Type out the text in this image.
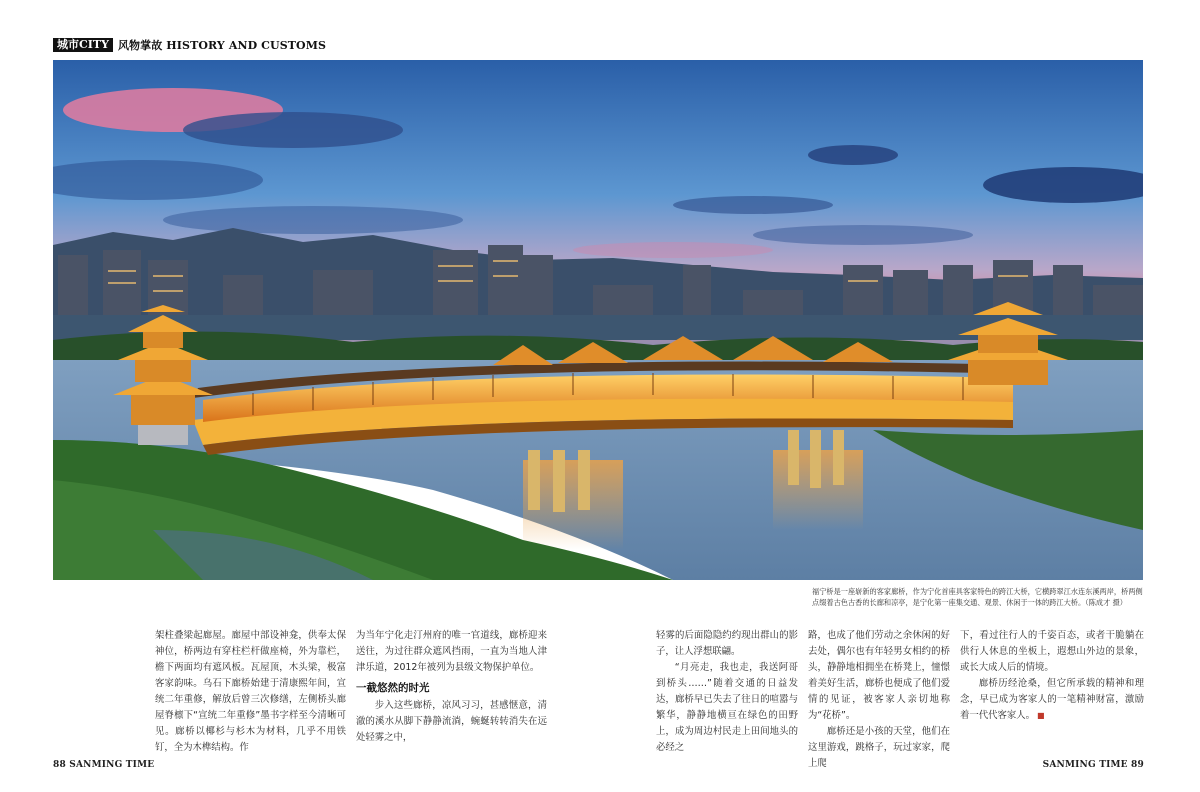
城市CITY 风物掌故 HISTORY AND CUSTOMS
福宁桥是一座崭新的客家廊桥，作为宁化首座具客家特色的跨江大桥，它横跨翠江水连东溪两岸，桥两侧点缀着古色古香的长廊和凉亭，是宁化第一座集交通、观景、休闲于一体的跨江大桥。（陈成才 摄）

架柱叠梁起廊屋。廊屋中部设神龛，供奉太保神位，桥两边有穿柱栏杆做座椅，外为靠栏，檐下两面均有遮风板。瓦屋顶，木头梁，极富客家韵味。乌石下廊桥始建于清康熙年间，宣统二年重修，解放后曾三次修缮，左侧桥头廊屋脊檩下“宣统二年重修”墨书字样至今清晰可见。廊桥以椰杉与杉木为材料，几乎不用铁钉，全为木榫结构。作

为当年宁化走汀州府的唯一官道线，廊桥迎来送往，为过往群众遮风挡雨，一直为当地人津津乐道，2012年被列为县级文物保护单位。

一截悠然的时光

步入这些廊桥，凉风习习，甚感惬意，清澈的溪水从脚下静静流淌，蜿蜒转转消失在远处轻雾之中，

轻雾的后面隐隐约约现出群山的影子，让人浮想联翩。

“月亮走，我也走，我送阿哥到桥头……”随着交通的日益发达，廊桥早已失去了往日的喧嚣与繁华，静静地横亘在绿色的田野上，成为周边村民走上田间地头的必经之

路，也成了他们劳动之余休闲的好去处，偶尔也有年轻男女相约的桥头，静静地相拥坐在桥凳上，憧憬着美好生活，廊桥也便成了他们爱情的见证，被客家人亲切地称为“花桥”。

廊桥还是小孩的天堂，他们在这里游戏，跳格子，玩过家家，爬上爬

下，看过往行人的千姿百态，或者干脆躺在供行人休息的坐板上，遐想山外边的景象，或长大成人后的情境。

廊桥历经沧桑，但它所承载的精神和理念，早已成为客家人的一笔精神财富，激励着一代代客家人。 ■

88 SANMING TIME	SANMING TIME 89
